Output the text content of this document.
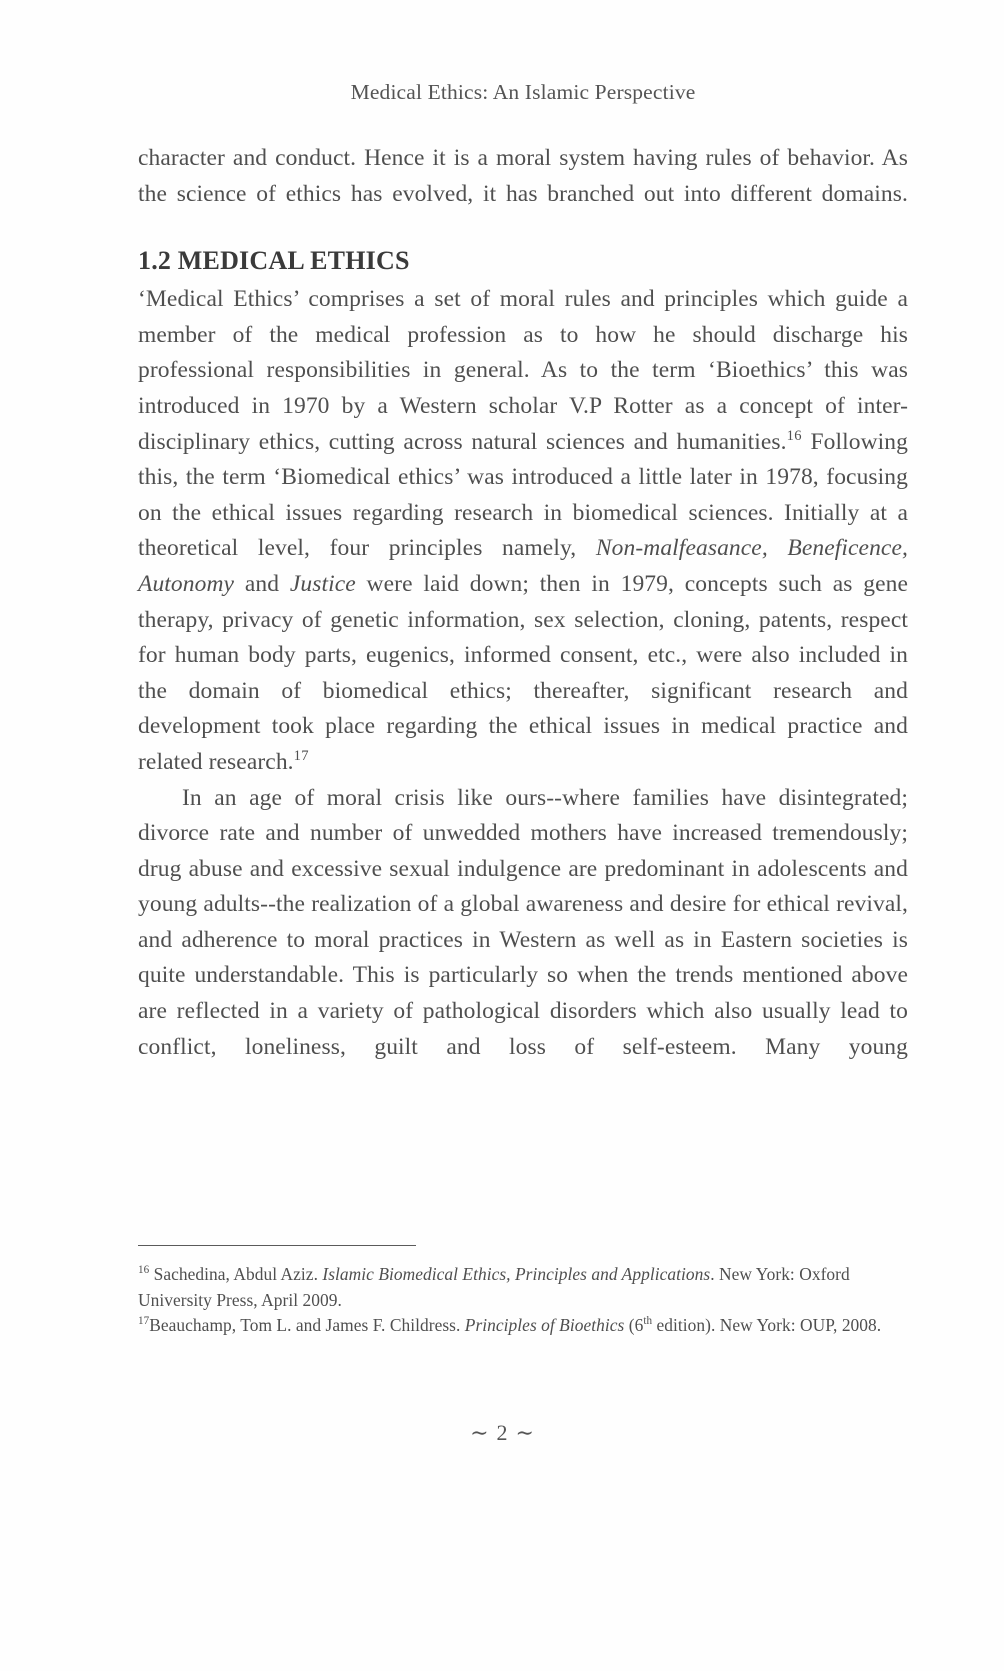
Medical Ethics: An Islamic Perspective

character and conduct. Hence it is a moral system having rules of behavior. As the science of ethics has evolved, it has branched out into different domains.

1.2 MEDICAL ETHICS

‘Medical Ethics’ comprises a set of moral rules and principles which guide a member of the medical profession as to how he should discharge his professional responsibilities in general. As to the term ‘Bioethics’ this was introduced in 1970 by a Western scholar V.P Rotter as a concept of inter-disciplinary ethics, cutting across natural sciences and humanities.$^{16}$ Following this, the term ‘Biomedical ethics’ was introduced a little later in 1978, focusing on the ethical issues regarding research in biomedical sciences. Initially at a theoretical level, four principles namely, Non-malfeasance, Beneficence, Autonomy and Justice were laid down; then in 1979, concepts such as gene therapy, privacy of genetic information, sex selection, cloning, patents, respect for human body parts, eugenics, informed consent, etc., were also included in the domain of biomedical ethics; thereafter, significant research and development took place regarding the ethical issues in medical practice and related research.$^{17}$

In an age of moral crisis like ours--where families have disintegrated; divorce rate and number of unwedded mothers have increased tremendously; drug abuse and excessive sexual indulgence are predominant in adolescents and young adults--the realization of a global awareness and desire for ethical revival, and adherence to moral practices in Western as well as in Eastern societies is quite understandable. This is particularly so when the trends mentioned above are reflected in a variety of pathological disorders which also usually lead to conflict, loneliness, guilt and loss of self-esteem. Many young

$^{16}$ Sachedina, Abdul Aziz. Islamic Biomedical Ethics, Principles and Applications. New York: Oxford University Press, April 2009.

$^{17}$Beauchamp, Tom L. and James F. Childress. Principles of Bioethics (6th edition). New York: OUP, 2008.

∼ 2 ∼
